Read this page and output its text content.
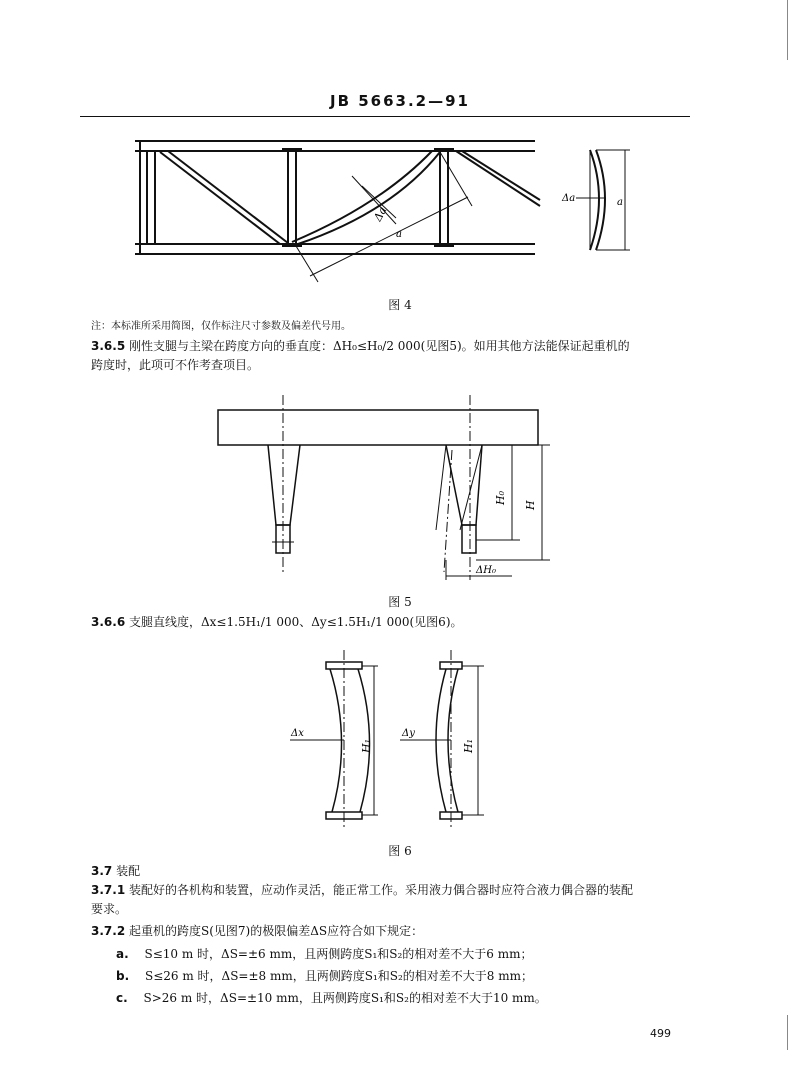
JB 5663.2—91
Δa
a
Δa	a
图 4
注：本标准所采用简图，仅作标注尺寸参数及偏差代号用。
3.6.5 刚性支腿与主梁在跨度方向的垂直度：ΔH₀≤H₀/2 000(见图5)。如用其他方法能保证起重机的
跨度时，此项可不作考查项目。
H₀
H
ΔH₀
图 5
3.6.6 支腿直线度，Δx≤1.5H₁/1 000、Δy≤1.5H₁/1 000(见图6)。
Δx
H₁
Δy
H₁
图 6
3.7 装配
3.7.1 装配好的各机构和装置，应动作灵活，能正常工作。采用液力偶合器时应符合液力偶合器的装配
要求。
3.7.2 起重机的跨度S(见图7)的极限偏差ΔS应符合如下规定：
a. S≤10 m 时，ΔS=±6 mm，且两侧跨度S₁和S₂的相对差不大于6 mm；
b. S≤26 m 时，ΔS=±8 mm，且两侧跨度S₁和S₂的相对差不大于8 mm；
c. S>26 m 时，ΔS=±10 mm，且两侧跨度S₁和S₂的相对差不大于10 mm。
499
